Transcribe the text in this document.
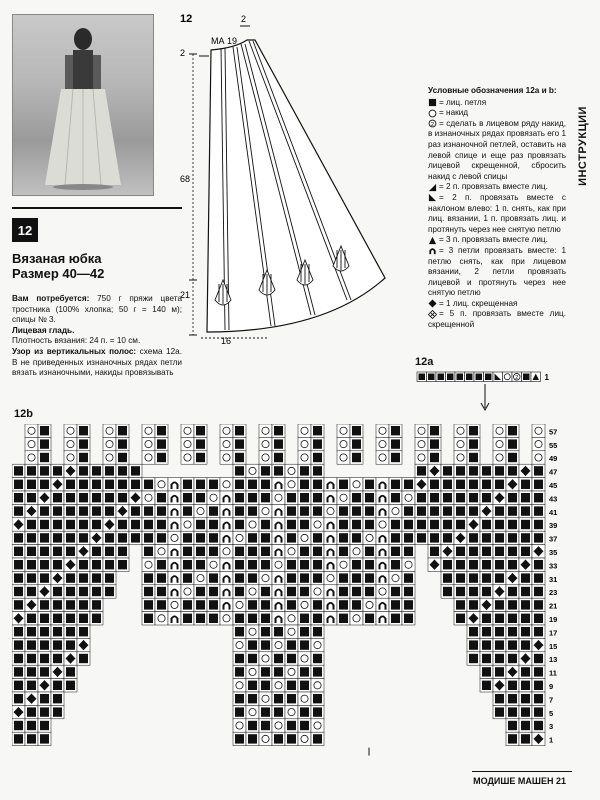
12
Вязаная юбка
Размер 40—42
Вам потребуется: 750 г пряжи цвета тростника (100% хлопка; 50 г = 140 м); спицы № 3.
Лицевая гладь.
Плотность вязания: 24 п. = 10 см.
Узор из вертикальных полос: схема 12а. В не приведенных изнаночных рядах петли вязать изнаночными, накиды провязывать
12	2
2
МА 19
68
21
16
Условные обозначения 12а и b:
= лиц. петля
= накид
2 = сделать в лицевом ряду накид, в изнаночных рядах провязать его 1 раз изнаночной петлей, оставить на левой спице и еще раз провязать лицевой скрещенной, сбросить накид с левой спицы
= 2 п. провязать вместе лиц.
= 2 п. провязать вместе с наклоном влево: 1 п. снять, как при лиц. вязании, 1 п. провязать лиц. и протянуть через нее снятую петлю
= 3 п. провязать вместе лиц.
= 3 петли провязать вместе: 1 петлю снять, как при лицевом вязании, 2 петли провязать лицевой и протянуть через нее снятую петлю
= 1 лиц. скрещенная
= 5 п. провязать вместе лиц. скрещенной
ИНСТРУКЦИИ
12а
2	1
12b
57
55
49
47
45
43
41
39
37
35
33
31
23
21
19
17
15
13
11
9
7
5
3
1
МОДИШЕ МАШЕН 21
